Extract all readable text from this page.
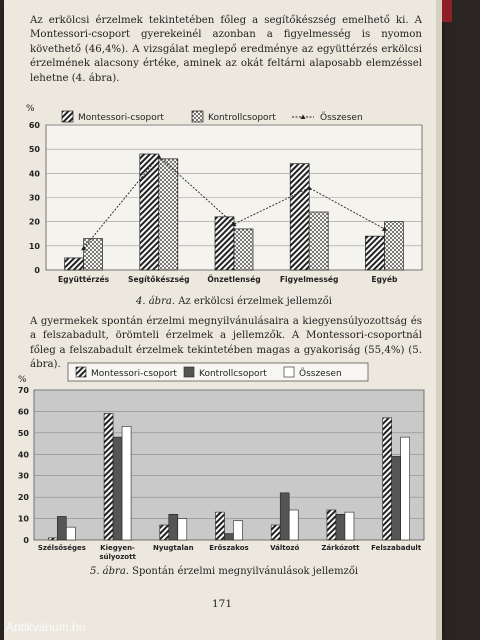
Az erkölcsi érzelmek tekintetében főleg a segítőkészség emelhető ki. A Montessori-csoport gyerekeinél azonban a figyelmesség is nyomon követhető (46,4%). A vizsgálat meglepő eredménye az együttérzés erkölcsi érzelmének alacsony értéke, aminek az okát feltárni alaposabb elemzéssel lehetne (4. ábra).
%
Montessori-csoport	Kontrollcsoport	Összesen
0
10
20
30
40
50
60
Együttérzés Segítőkészség Önzetlenség	Figyelmesség	Egyéb
4. ábra. Az erkölcsi érzelmek jellemzői
A gyermekek spontán érzelmi megnyilvánulásaira a kiegyensúlyozottság és a felszabadult, örömteli érzelmek a jellemzők. A Montessori-csoportnál főleg a felszabadult érzelmek tekintetében magas a gyakoriság (55,4%) (5. ábra).
%
Montessori-csoport Kontrollcsoport	Összesen
0
10
20
30
40
50
60
70
Szélsőséges Kiegyen-
súlyozott
Nyugtalan Erőszakos	Változó	Zárkózott Felszabadult
5. ábra. Spontán érzelmi megnyilvánulások jellemzői
171
Antikvárium.hu
